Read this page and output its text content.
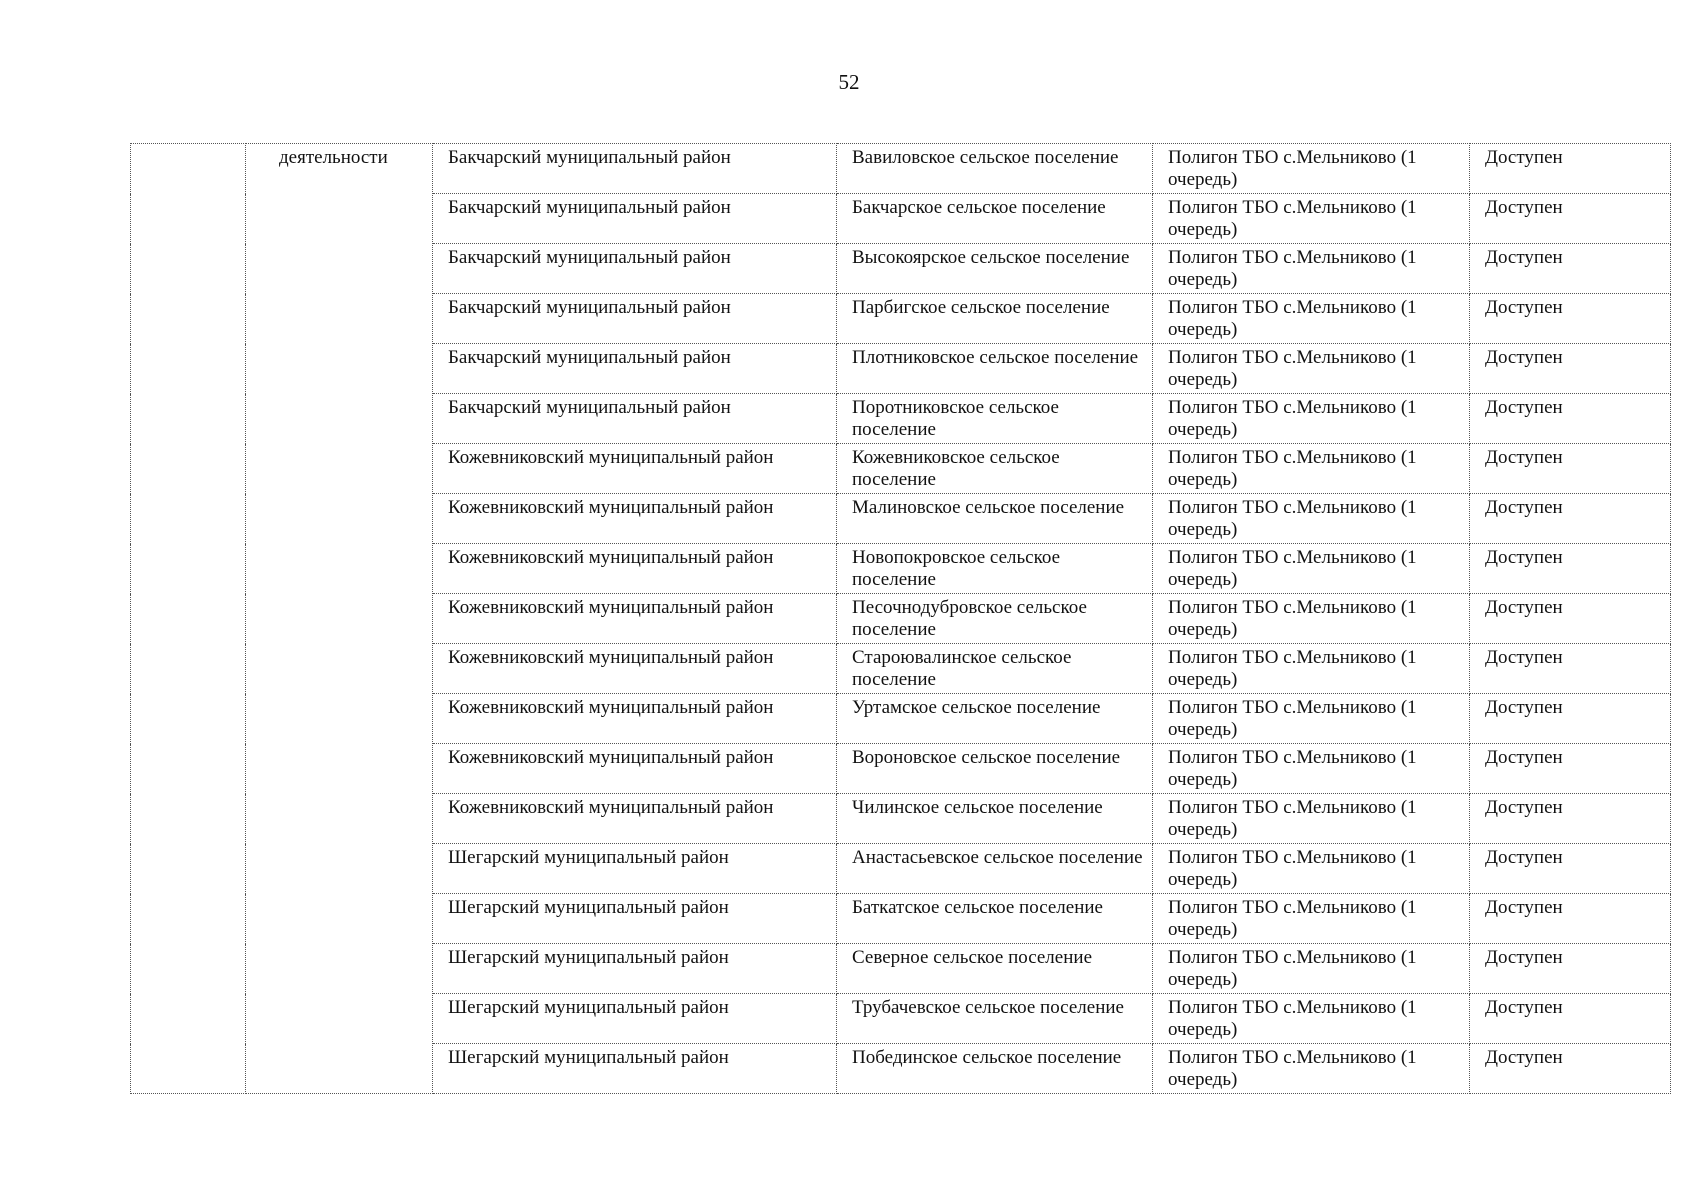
52
	деятельности	Бакчарский муниципальный район	Вавиловское сельское поселение	Полигон ТБО с.Мельниково (1 очередь)	Доступен
		Бакчарский муниципальный район	Бакчарское сельское поселение	Полигон ТБО с.Мельниково (1 очередь)	Доступен
		Бакчарский муниципальный район	Высокоярское сельское поселение	Полигон ТБО с.Мельниково (1 очередь)	Доступен
		Бакчарский муниципальный район	Парбигское сельское поселение	Полигон ТБО с.Мельниково (1 очередь)	Доступен
		Бакчарский муниципальный район	Плотниковское сельское поселение	Полигон ТБО с.Мельниково (1 очередь)	Доступен
		Бакчарский муниципальный район	Поротниковское сельское поселение	Полигон ТБО с.Мельниково (1 очередь)	Доступен
		Кожевниковский муниципальный район	Кожевниковское сельское поселение	Полигон ТБО с.Мельниково (1 очередь)	Доступен
		Кожевниковский муниципальный район	Малиновское сельское поселение	Полигон ТБО с.Мельниково (1 очередь)	Доступен
		Кожевниковский муниципальный район	Новопокровское сельское поселение	Полигон ТБО с.Мельниково (1 очередь)	Доступен
		Кожевниковский муниципальный район	Песочнодубровское сельское поселение	Полигон ТБО с.Мельниково (1 очередь)	Доступен
		Кожевниковский муниципальный район	Староювалинское сельское поселение	Полигон ТБО с.Мельниково (1 очередь)	Доступен
		Кожевниковский муниципальный район	Уртамское сельское поселение	Полигон ТБО с.Мельниково (1 очередь)	Доступен
		Кожевниковский муниципальный район	Вороновское сельское поселение	Полигон ТБО с.Мельниково (1 очередь)	Доступен
		Кожевниковский муниципальный район	Чилинское сельское поселение	Полигон ТБО с.Мельниково (1 очередь)	Доступен
		Шегарский муниципальный район	Анастасьевское сельское поселение	Полигон ТБО с.Мельниково (1 очередь)	Доступен
		Шегарский муниципальный район	Баткатское сельское поселение	Полигон ТБО с.Мельниково (1 очередь)	Доступен
		Шегарский муниципальный район	Северное сельское поселение	Полигон ТБО с.Мельниково (1 очередь)	Доступен
		Шегарский муниципальный район	Трубачевское сельское поселение	Полигон ТБО с.Мельниково (1 очередь)	Доступен
		Шегарский муниципальный район	Побединское сельское поселение	Полигон ТБО с.Мельниково (1 очередь)	Доступен
